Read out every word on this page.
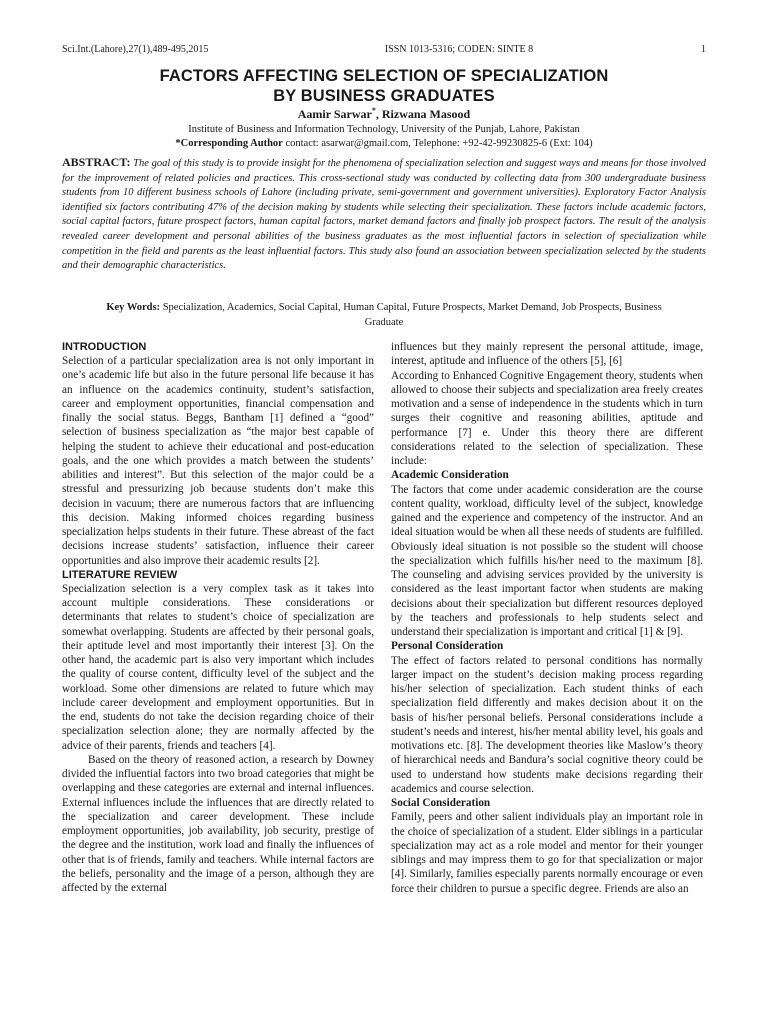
Sci.Int.(Lahore),27(1),489-495,2015	ISSN 1013-5316; CODEN: SINTE 8	1
FACTORS AFFECTING SELECTION OF SPECIALIZATION
BY BUSINESS GRADUATES
Aamir Sarwar*, Rizwana Masood
Institute of Business and Information Technology, University of the Punjab, Lahore, Pakistan
*Corresponding Author contact: asarwar@gmail.com, Telephone: +92-42-99230825-6 (Ext: 104)
ABSTRACT: The goal of this study is to provide insight for the phenomena of specialization selection and suggest ways and means for those involved for the improvement of related policies and practices. This cross-sectional study was conducted by collecting data from 300 undergraduate business students from 10 different business schools of Lahore (including private, semi-government and government universities). Exploratory Factor Analysis identified six factors contributing 47% of the decision making by students while selecting their specialization. These factors include academic factors, social capital factors, future prospect factors, human capital factors, market demand factors and finally job prospect factors. The result of the analysis revealed career development and personal abilities of the business graduates as the most influential factors in selection of specialization while competition in the field and parents as the least influential factors. This study also found an association between specialization selected by the students and their demographic characteristics.
Key Words: Specialization, Academics, Social Capital, Human Capital, Future Prospects, Market Demand, Job Prospects, Business Graduate

INTRODUCTION

Selection of a particular specialization area is not only important in one’s academic life but also in the future personal life because it has an influence on the academics continuity, student’s satisfaction, career and employment opportunities, financial compensation and finally the social status. Beggs, Bantham [1] defined a “good” selection of business specialization as “the major best capable of helping the student to achieve their educational and post-education goals, and the one which provides a match between the students’ abilities and interest”. But this selection of the major could be a stressful and pressurizing job because students don’t make this decision in vacuum; there are numerous factors that are influencing this decision. Making informed choices regarding business specialization helps students in their future. These abreast of the fact decisions increase students’ satisfaction, influence their career opportunities and also improve their academic results [2].

LITERATURE REVIEW

Specialization selection is a very complex task as it takes into account multiple considerations. These considerations or determinants that relates to student’s choice of specialization are somewhat overlapping. Students are affected by their personal goals, their aptitude level and most importantly their interest [3]. On the other hand, the academic part is also very important which includes the quality of course content, difficulty level of the subject and the workload. Some other dimensions are related to future which may include career development and employment opportunities. But in the end, students do not take the decision regarding choice of their specialization selection alone; they are normally affected by the advice of their parents, friends and teachers [4].

Based on the theory of reasoned action, a research by Downey divided the influential factors into two broad categories that might be overlapping and these categories are external and internal influences. External influences include the influences that are directly related to the specialization and career development. These include employment opportunities, job availability, job security, prestige of the degree and the institution, work load and finally the influences of other that is of friends, family and teachers. While internal factors are the beliefs, personality and the image of a person, although they are affected by the external

influences but they mainly represent the personal attitude, image, interest, aptitude and influence of the others [5], [6]

According to Enhanced Cognitive Engagement theory, students when allowed to choose their subjects and specialization area freely creates motivation and a sense of independence in the students which in turn surges their cognitive and reasoning abilities, aptitude and performance [7] e. Under this theory there are different considerations related to the selection of specialization. These include:

Academic Consideration

The factors that come under academic consideration are the course content quality, workload, difficulty level of the subject, knowledge gained and the experience and competency of the instructor. And an ideal situation would be when all these needs of students are fulfilled. Obviously ideal situation is not possible so the student will choose the specialization which fulfills his/her need to the maximum [8]. The counseling and advising services provided by the university is considered as the least important factor when students are making decisions about their specialization but different resources deployed by the teachers and professionals to help students select and understand their specialization is important and critical [1] & [9].

Personal Consideration

The effect of factors related to personal conditions has normally larger impact on the student’s decision making process regarding his/her selection of specialization. Each student thinks of each specialization field differently and makes decision about it on the basis of his/her personal beliefs. Personal considerations include a student’s needs and interest, his/her mental ability level, his goals and motivations etc. [8]. The development theories like Maslow’s theory of hierarchical needs and Bandura’s social cognitive theory could be used to understand how students make decisions regarding their academics and course selection.

Social Consideration

Family, peers and other salient individuals play an important role in the choice of specialization of a student. Elder siblings in a particular specialization may act as a role model and mentor for their younger siblings and may impress them to go for that specialization or major [4]. Similarly, families especially parents normally encourage or even force their children to pursue a specific degree. Friends are also an
